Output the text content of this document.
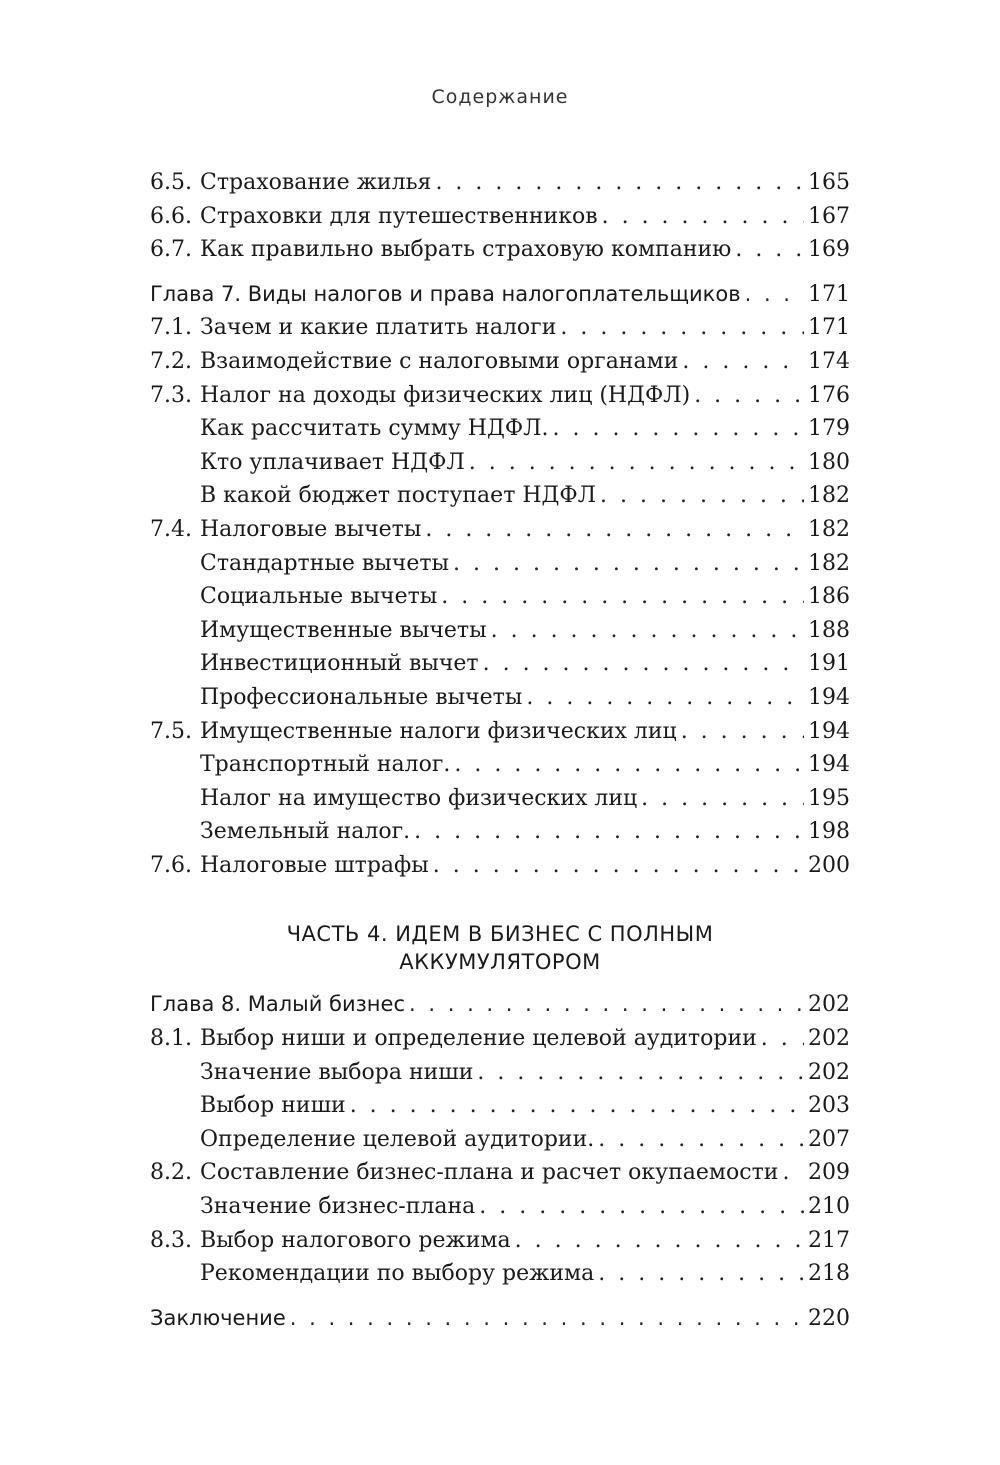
Содержание
6.5. Страхование жилья . . .	165
6.6. Страховки для путешественников . . .	167
6.7. Как правильно выбрать страховую компанию . . .	169
Глава 7. Виды налогов и права налогоплательщиков . . .	171
7.1. Зачем и какие платить налоги . . .	171
7.2. Взаимодействие с налоговыми органами . . .	174
7.3. Налог на доходы физических лиц (НДФЛ) . . .	176
Как рассчитать сумму НДФЛ. . . .	179
Кто уплачивает НДФЛ . . .	180
В какой бюджет поступает НДФЛ . . .	182
7.4. Налоговые вычеты . . .	182
Стандартные вычеты . . .	182
Социальные вычеты . . .	186
Имущественные вычеты . . .	188
Инвестиционный вычет . . .	191
Профессиональные вычеты . . .	194
7.5. Имущественные налоги физических лиц . . .	194
Транспортный налог. . . .	194
Налог на имущество физических лиц . . .	195
Земельный налог. . . .	198
7.6. Налоговые штрафы . . .	200
ЧАСТЬ 4. ИДЕМ В БИЗНЕС С ПОЛНЫМ
АККУМУЛЯТОРОМ
Глава 8. Малый бизнес . . .	202
8.1. Выбор ниши и определение целевой аудитории . . . 202
Значение выбора ниши . . .	202
Выбор ниши . . .	203
Определение целевой аудитории. . . .	207
8.2. Составление бизнес-плана и расчет окупаемости . . . 209
Значение бизнес-плана . . .	210
8.3. Выбор налогового режима . . .	217
Рекомендации по выбору режима . . .	218
Заключение . . .	220
